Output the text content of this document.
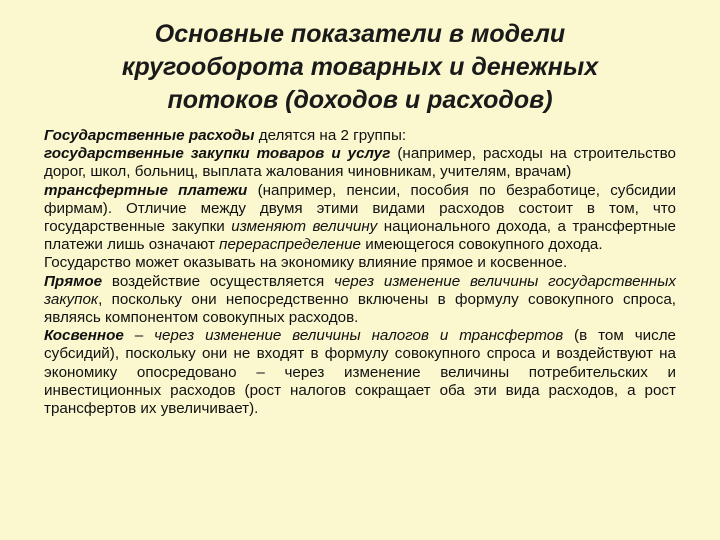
Основные показатели в модели
кругооборота товарных и денежных
потоков (доходов и расходов)

Государственные расходы делятся на 2 группы:

государственные закупки товаров и услуг (например, расходы на строительство дорог, школ, больниц, выплата жалования чиновникам, учителям, врачам)

трансфертные платежи (например, пенсии, пособия по безработице, субсидии фирмам). Отличие между двумя этими видами расходов состоит в том, что государственные закупки изменяют величину национального дохода, а трансфертные платежи лишь означают перераспределение имеющегося совокупного дохода.

Государство может оказывать на экономику влияние прямое и косвенное.

Прямое воздействие осуществляется через изменение величины государственных закупок, поскольку они непосредственно включены в формулу совокупного спроса, являясь компонентом совокупных расходов.

Косвенное – через изменение величины налогов и трансфертов (в том числе субсидий), поскольку они не входят в формулу совокупного спроса и воздействуют на экономику опосредовано – через изменение величины потребительских и инвестиционных расходов (рост налогов сокращает оба эти вида расходов, а рост трансфертов их увеличивает).
